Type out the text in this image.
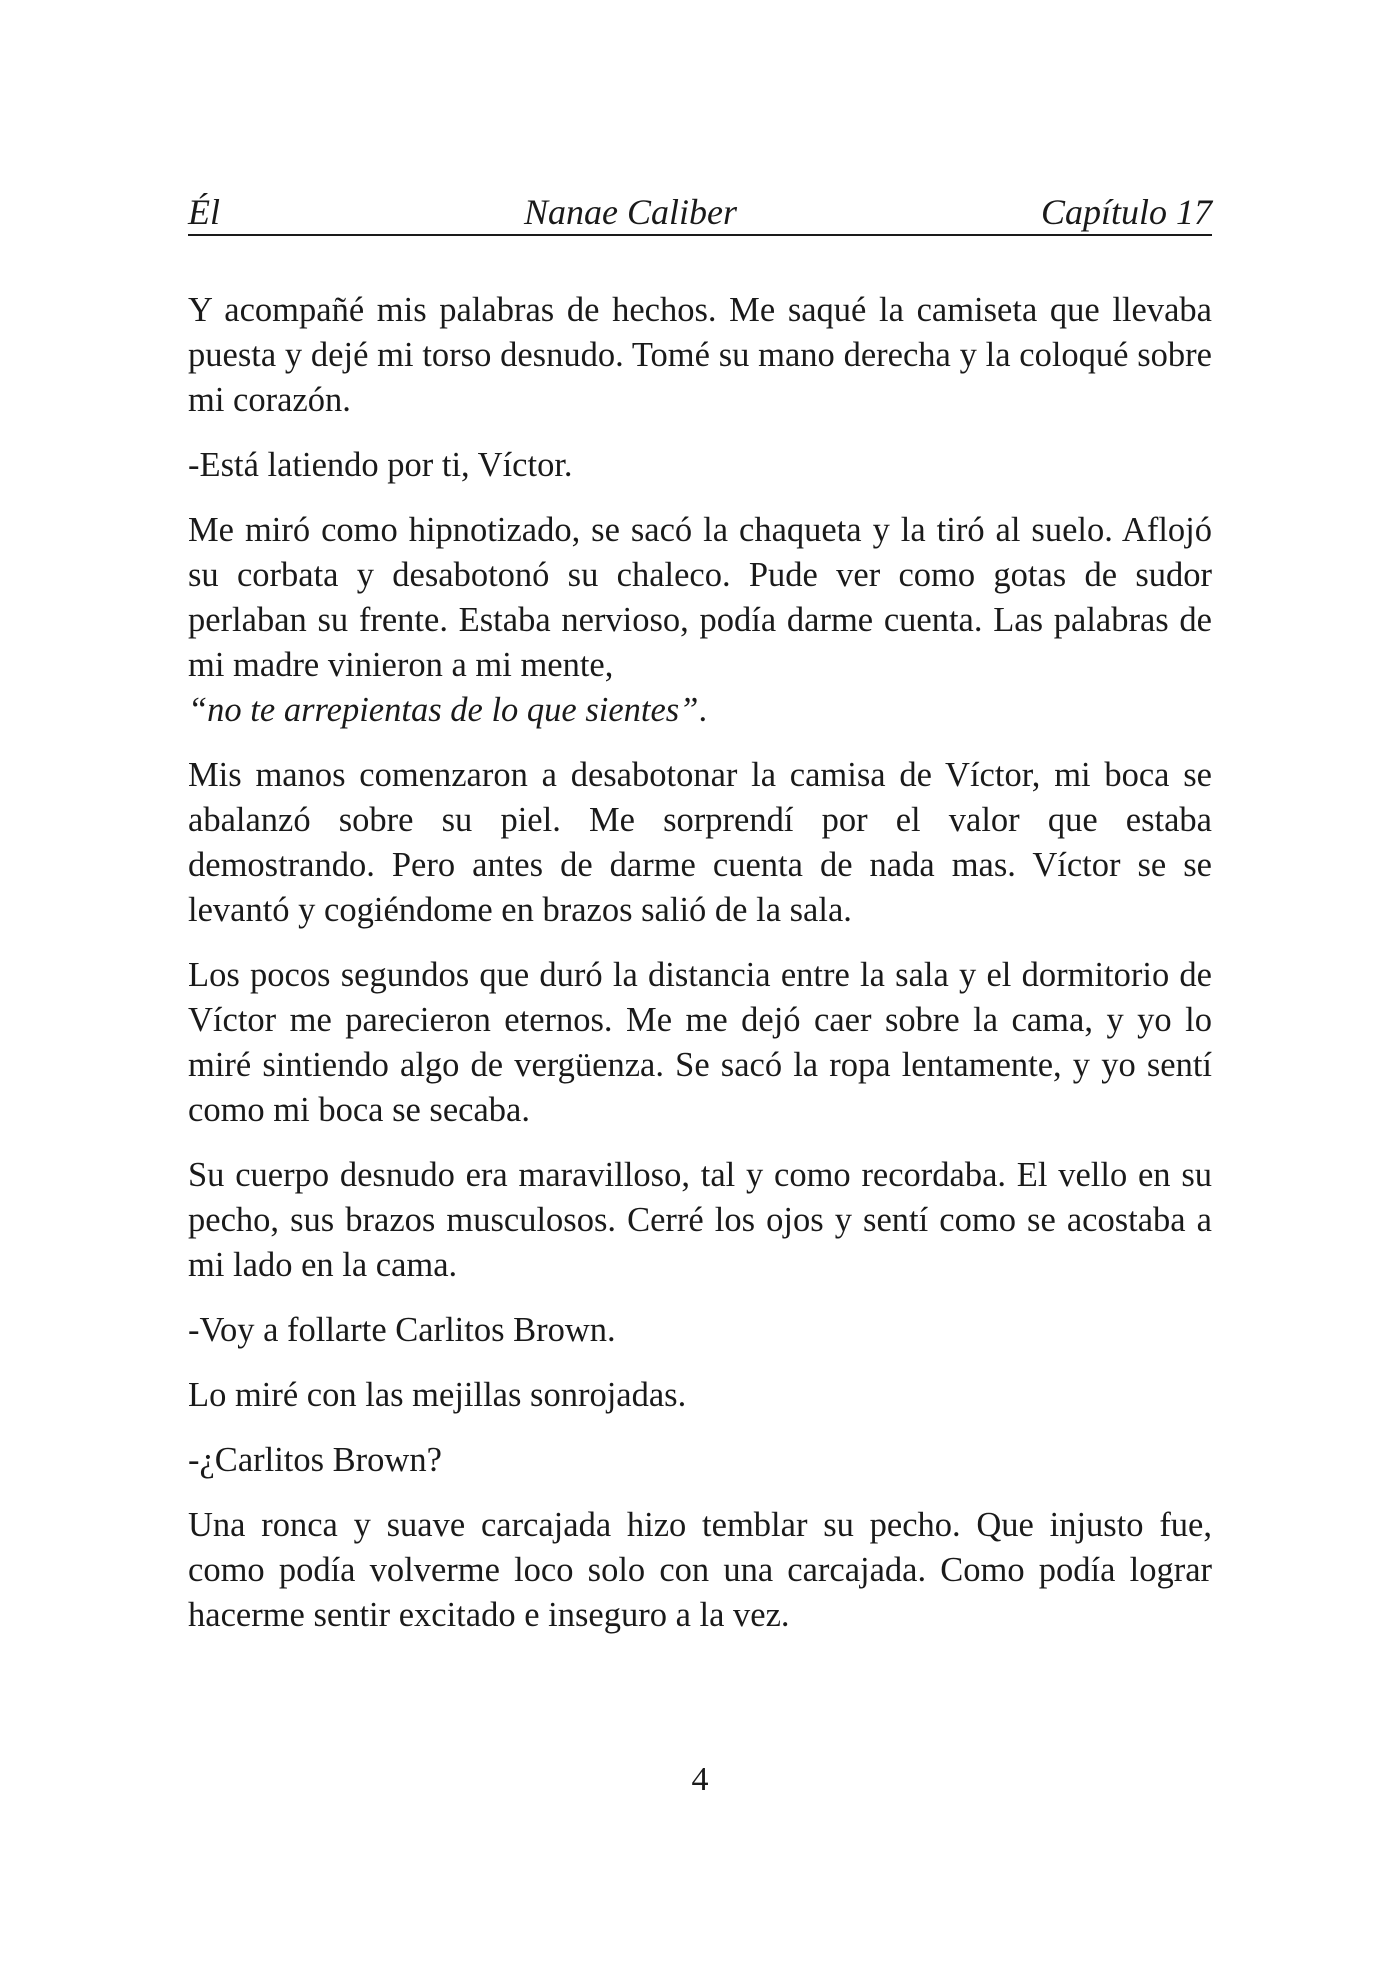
Él	Nanae Caliber	Capítulo 17

Y acompañé mis palabras de hechos. Me saqué la camiseta que llevaba puesta y dejé mi torso desnudo. Tomé su mano derecha y la coloqué sobre mi corazón.

-Está latiendo por ti, Víctor.

Me miró como hipnotizado, se sacó la chaqueta y la tiró al suelo. Aflojó su corbata y desabotonó su chaleco. Pude ver como gotas de sudor perlaban su frente. Estaba nervioso, podía darme cuenta. Las palabras de mi madre vinieron a mi mente,
“no te arrepientas de lo que sientes”.

Mis manos comenzaron a desabotonar la camisa de Víctor, mi boca se abalanzó sobre su piel. Me sorprendí por el valor que estaba demostrando. Pero antes de darme cuenta de nada mas. Víctor se se levantó y cogiéndome en brazos salió de la sala.

Los pocos segundos que duró la distancia entre la sala y el dormitorio de Víctor me parecieron eternos. Me me dejó caer sobre la cama, y yo lo miré sintiendo algo de vergüenza. Se sacó la ropa lentamente, y yo sentí como mi boca se secaba.

Su cuerpo desnudo era maravilloso, tal y como recordaba. El vello en su pecho, sus brazos musculosos. Cerré los ojos y sentí como se acostaba a mi lado en la cama.

-Voy a follarte Carlitos Brown.

Lo miré con las mejillas sonrojadas.

-¿Carlitos Brown?

Una ronca y suave carcajada hizo temblar su pecho. Que injusto fue, como podía volverme loco solo con una carcajada. Como podía lograr hacerme sentir excitado e inseguro a la vez.

4
